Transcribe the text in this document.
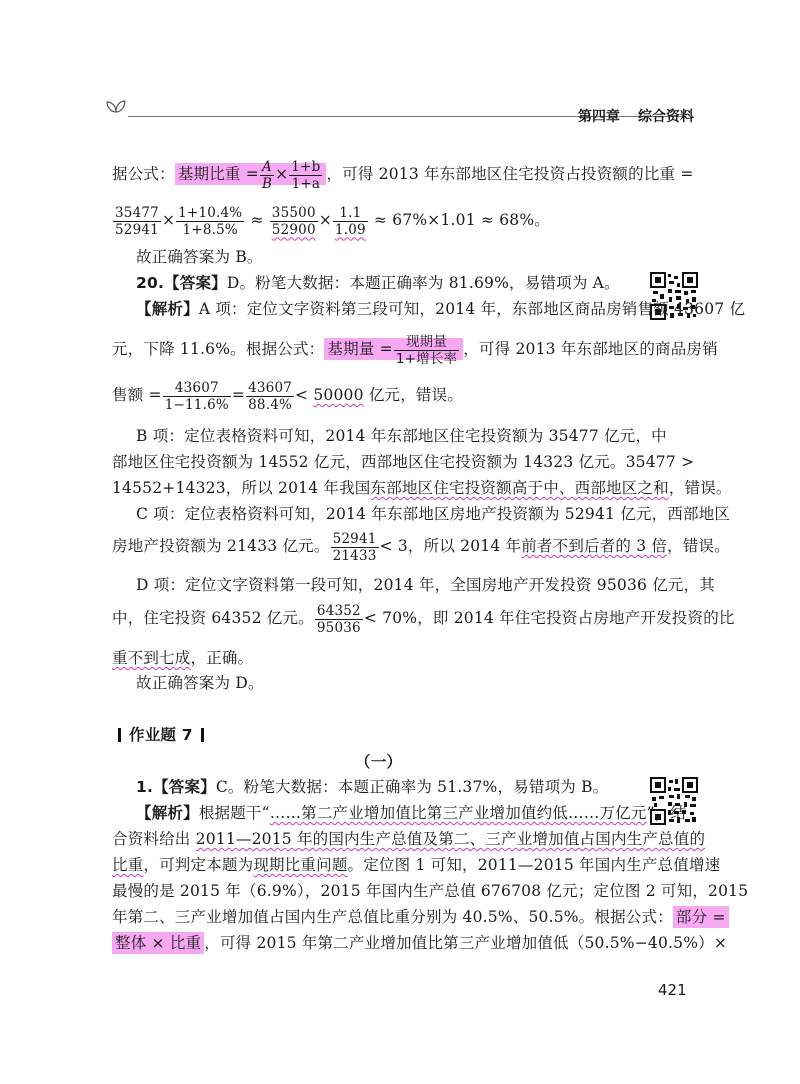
第四章 综合资料
据公式： 基期比重 = $\frac{A}{B} \times \frac{1+b}{1+a}$ ，可得 2013 年东部地区住宅投资占投资额的比重 =
$\frac{35477}{52941} \times \frac{1+10.4\%}{1+8.5\%} \approx \frac{35500}{52900} \times \frac{1.1}{1.09} \approx 67\%\times 1.01 \approx 68\%$。
故正确答案为 B。
20.【答案】D。粉笔大数据：本题正确率为 81.69%，易错项为 A。
【解析】A 项：定位文字资料第三段可知，2014 年，东部地区商品房销售额 43607 亿
元，下降 11.6%。根据公式： 基期量 = $\frac{\text{现期量}}{\text{1+增长率}}$ ，可得 2013 年东部地区的商品房销
售额 = $\frac{43607}{1-11.6\%} = \frac{43607}{88.4\%} < 50000$ 亿元，错误。
B 项：定位表格资料可知，2014 年东部地区住宅投资额为 35477 亿元，中
部地区住宅投资额为 14552 亿元，西部地区住宅投资额为 14323 亿元。35477 >
14552+14323，所以 2014 年我国东部地区住宅投资额高于中、西部地区之和，错误。
C 项：定位表格资料可知，2014 年东部地区房地产投资额为 52941 亿元，西部地区
房地产投资额为 21433 亿元。 $\frac{52941}{21433} < 3$，所以 2014 年前者不到后者的 3 倍，错误。
D 项：定位文字资料第一段可知，2014 年，全国房地产开发投资 95036 亿元，其
中，住宅投资 64352 亿元。 $\frac{64352}{95036} < 70\%$，即 2014 年住宅投资占房地产开发投资的比
重不到七成，正确。
故正确答案为 D。
作业题 7
（一）
1.【答案】C。粉笔大数据：本题正确率为 51.37%，易错项为 B。
【解析】根据题干“……第二产业增加值比第三产业增加值约低……万亿元”，结
合资料给出 2011—2015 年的国内生产总值及第二、三产业增加值占国内生产总值的
比重，可判定本题为现期比重问题。定位图 1 可知，2011—2015 年国内生产总值增速
最慢的是 2015 年（6.9%），2015 年国内生产总值 676708 亿元；定位图 2 可知，2015
年第二、三产业增加值占国内生产总值比重分别为 40.5%、50.5%。根据公式： 部分 =
整体 × 比重 ，可得 2015 年第二产业增加值比第三产业增加值低（50.5%−40.5%）×
421
